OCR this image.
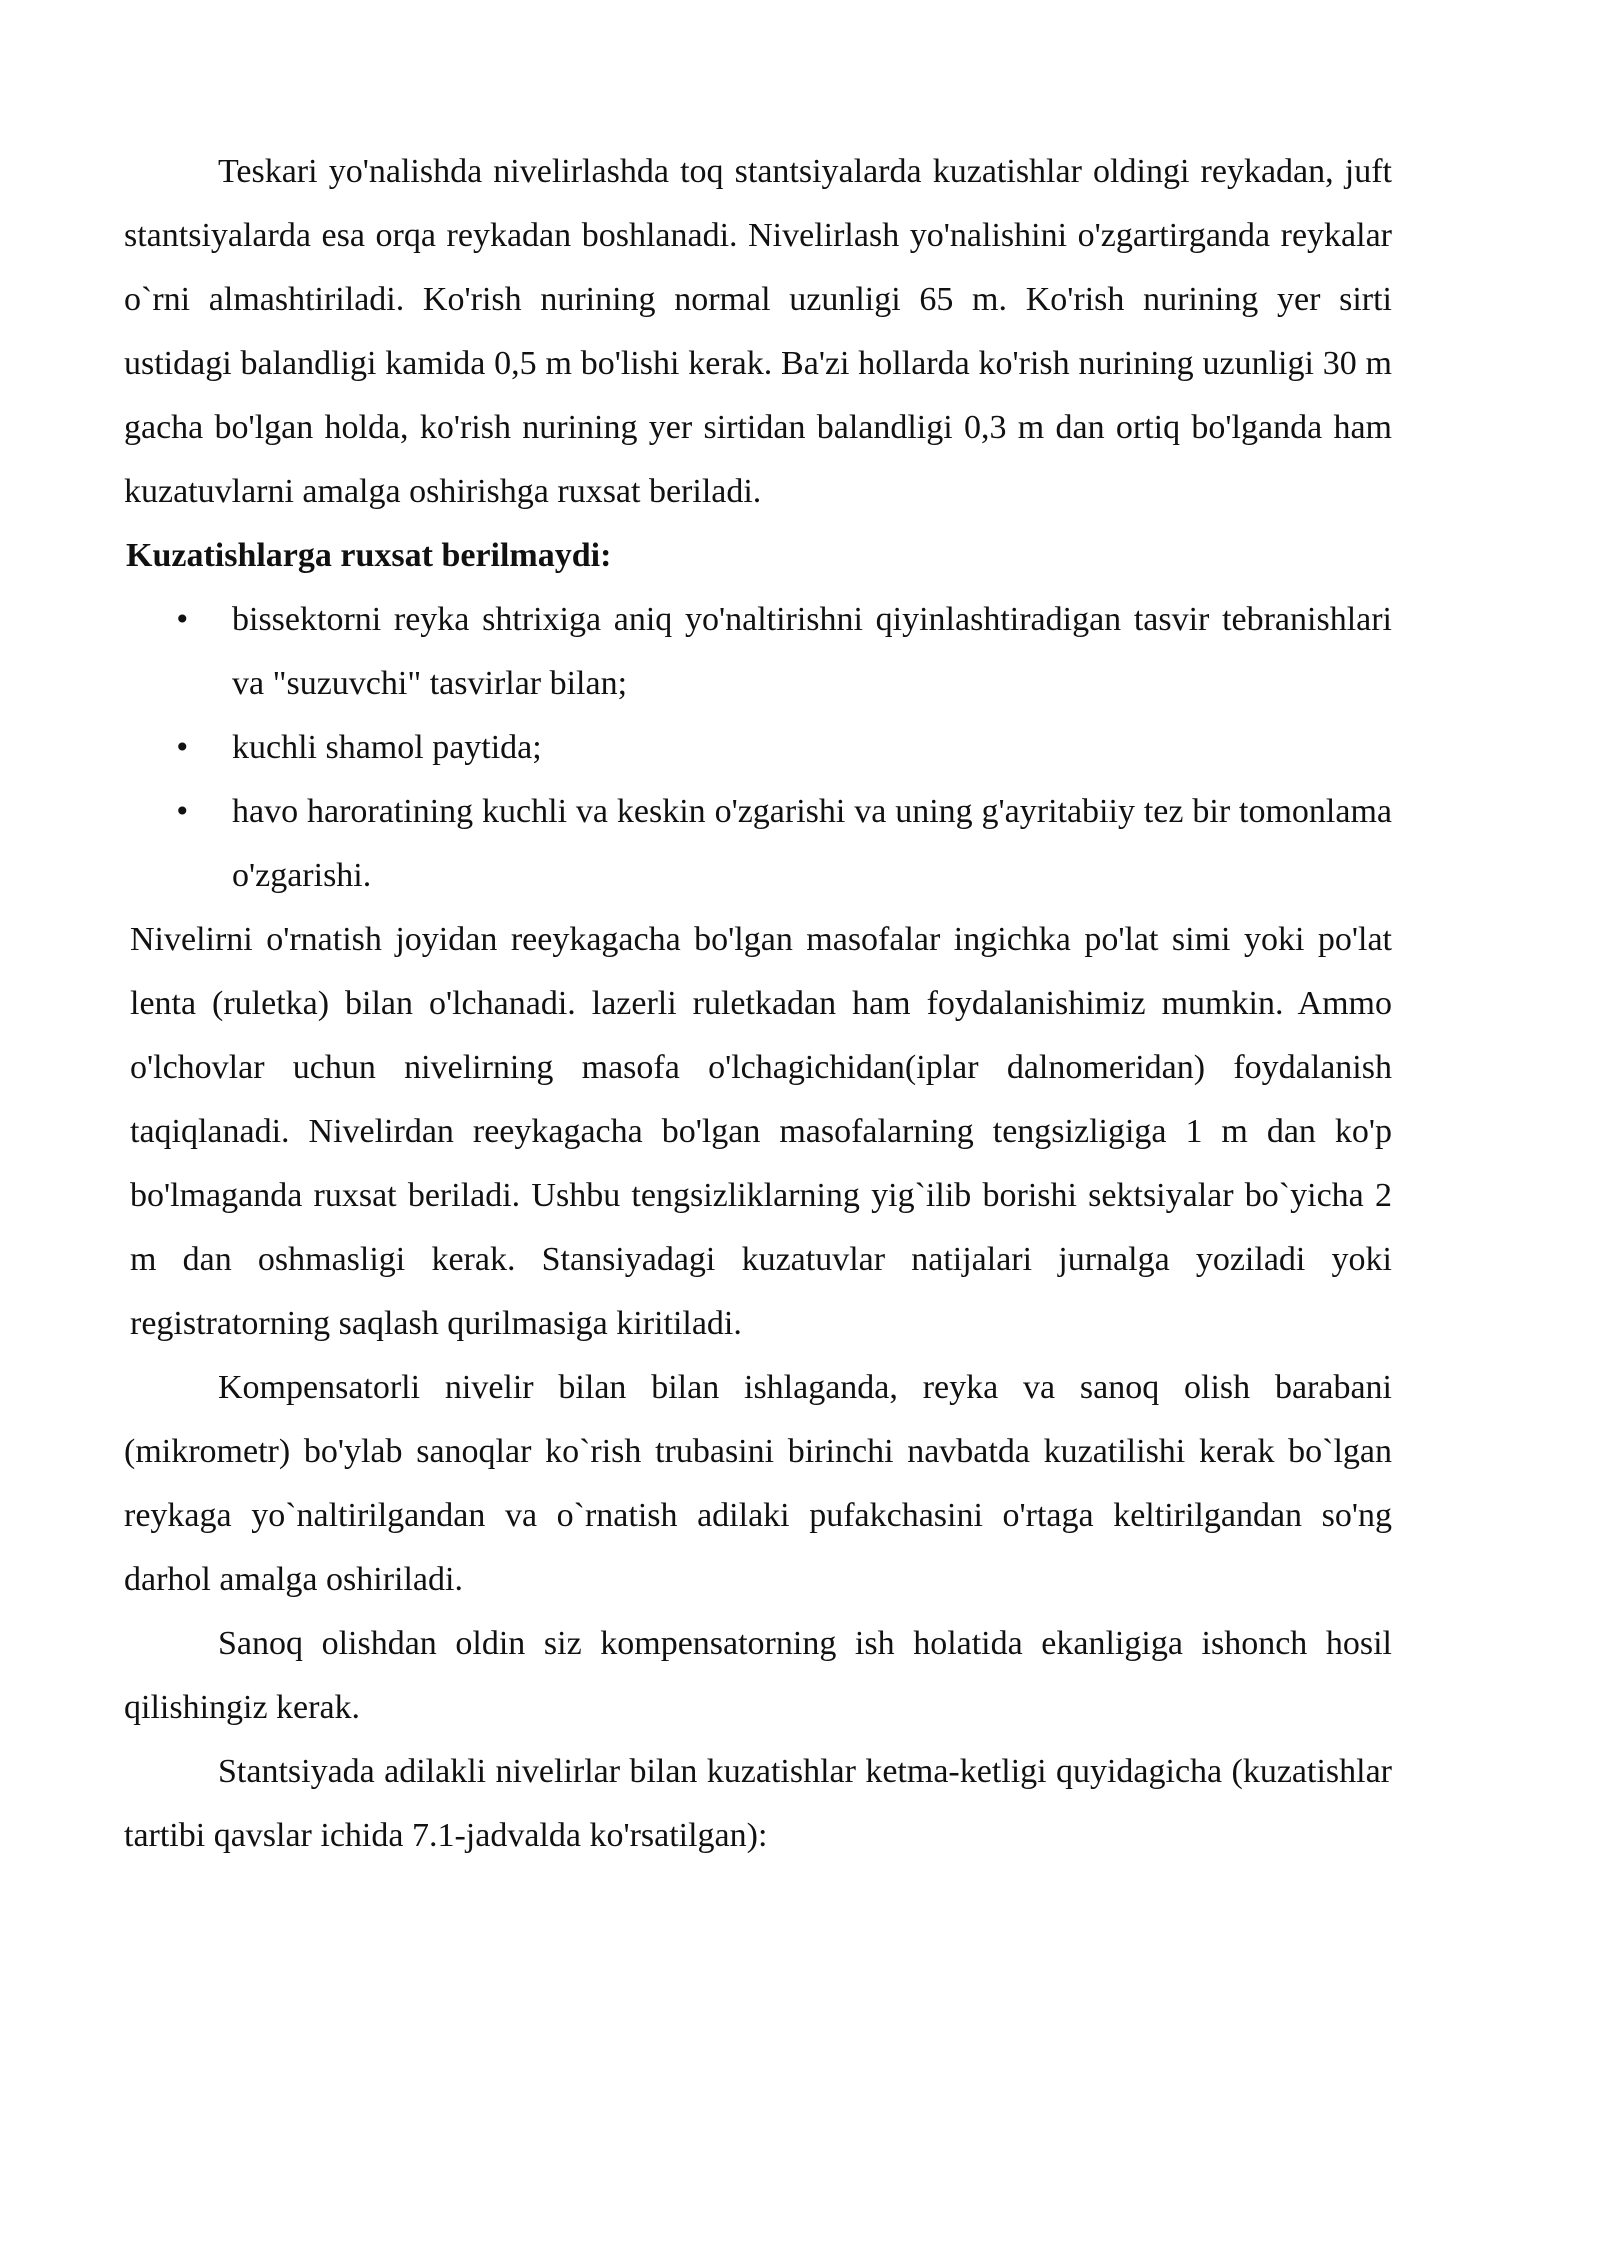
Teskari yo'nalishda nivelirlashda toq stantsiyalarda kuzatishlar oldingi reykadan, juft stantsiyalarda esa orqa reykadan boshlanadi. Nivelirlash yo'nalishini o'zgartirganda reykalar o`rni almashtiriladi. Ko'rish nurining normal uzunligi 65 m. Ko'rish nurining yer sirti ustidagi balandligi kamida 0,5 m bo'lishi kerak. Ba'zi hollarda ko'rish nurining uzunligi 30 m gacha bo'lgan holda, ko'rish nurining yer sirtidan balandligi 0,3 m dan ortiq bo'lganda ham kuzatuvlarni amalga oshirishga ruxsat beriladi.

Kuzatishlarga ruxsat berilmaydi:

• bissektorni reyka shtrixiga aniq yo'naltirishni qiyinlashtiradigan tasvir tebranishlari va "suzuvchi" tasvirlar bilan;
• kuchli shamol paytida;
• havo haroratining kuchli va keskin o'zgarishi va uning g'ayritabiiy tez bir tomonlama o'zgarishi.

Nivelirni o'rnatish joyidan reeykagacha bo'lgan masofalar ingichka po'lat simi yoki po'lat lenta (ruletka) bilan o'lchanadi. lazerli ruletkadan ham foydalanishimiz mumkin. Ammo o'lchovlar uchun nivelirning masofa o'lchagichidan(iplar dalnomeridan) foydalanish taqiqlanadi. Nivelirdan reeykagacha bo'lgan masofalarning tengsizligiga 1 m dan ko'p bo'lmaganda ruxsat beriladi. Ushbu tengsizliklarning yig`ilib borishi sektsiyalar bo`yicha 2 m dan oshmasligi kerak. Stansiyadagi kuzatuvlar natijalari jurnalga yoziladi yoki registratorning saqlash qurilmasiga kiritiladi.

Kompensatorli nivelir bilan bilan ishlaganda, reyka va sanoq olish barabani (mikrometr) bo'ylab sanoqlar ko`rish trubasini birinchi navbatda kuzatilishi kerak bo`lgan reykaga yo`naltirilgandan va o`rnatish adilaki pufakchasini o'rtaga keltirilgandan so'ng darhol amalga oshiriladi.

Sanoq olishdan oldin siz kompensatorning ish holatida ekanligiga ishonch hosil qilishingiz kerak.

Stantsiyada adilakli nivelirlar bilan kuzatishlar ketma-ketligi quyidagicha (kuzatishlar tartibi qavslar ichida 7.1-jadvalda ko'rsatilgan):
